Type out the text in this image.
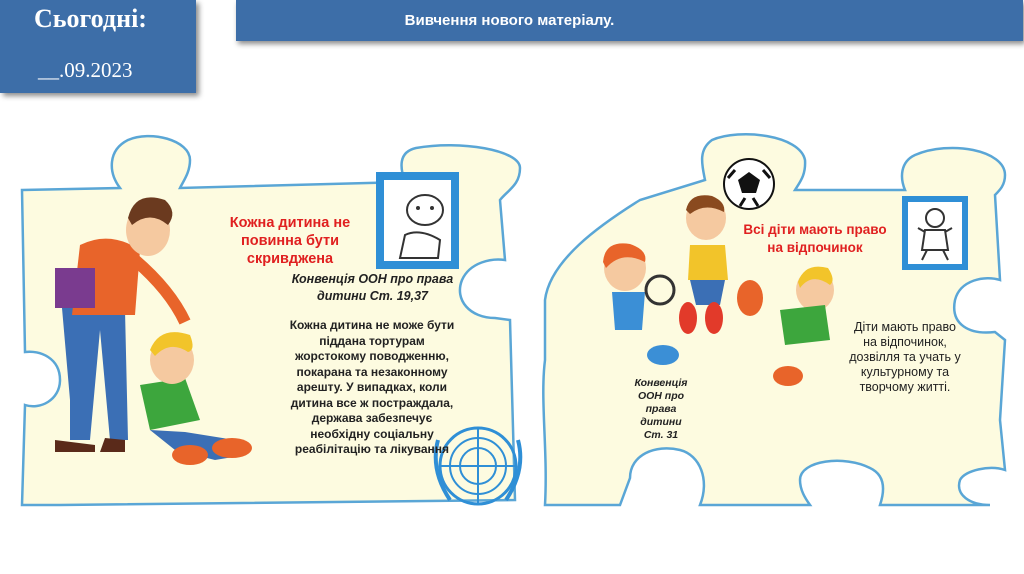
Сьогодні:
__.09.2023
Вивчення нового матеріалу.
Кожна дитина не
повинна бути
скривджена
Конвенція ООН про права
дитини Ст. 19,37
Кожна дитина не може бути
піддана тортурам
жорстокому поводженню,
покарана та незаконному
арешту. У випадках, коли
дитина все ж постраждала,
держава забезпечує
необхідну соціальну
реабілітацію та лікування
Всі діти мають право
на відпочинок
Діти мають право
на відпочинок,
дозвілля та учать у
культурному та
творчому житті.
Конвенція
ООН про
права
дитини
Ст. 31
